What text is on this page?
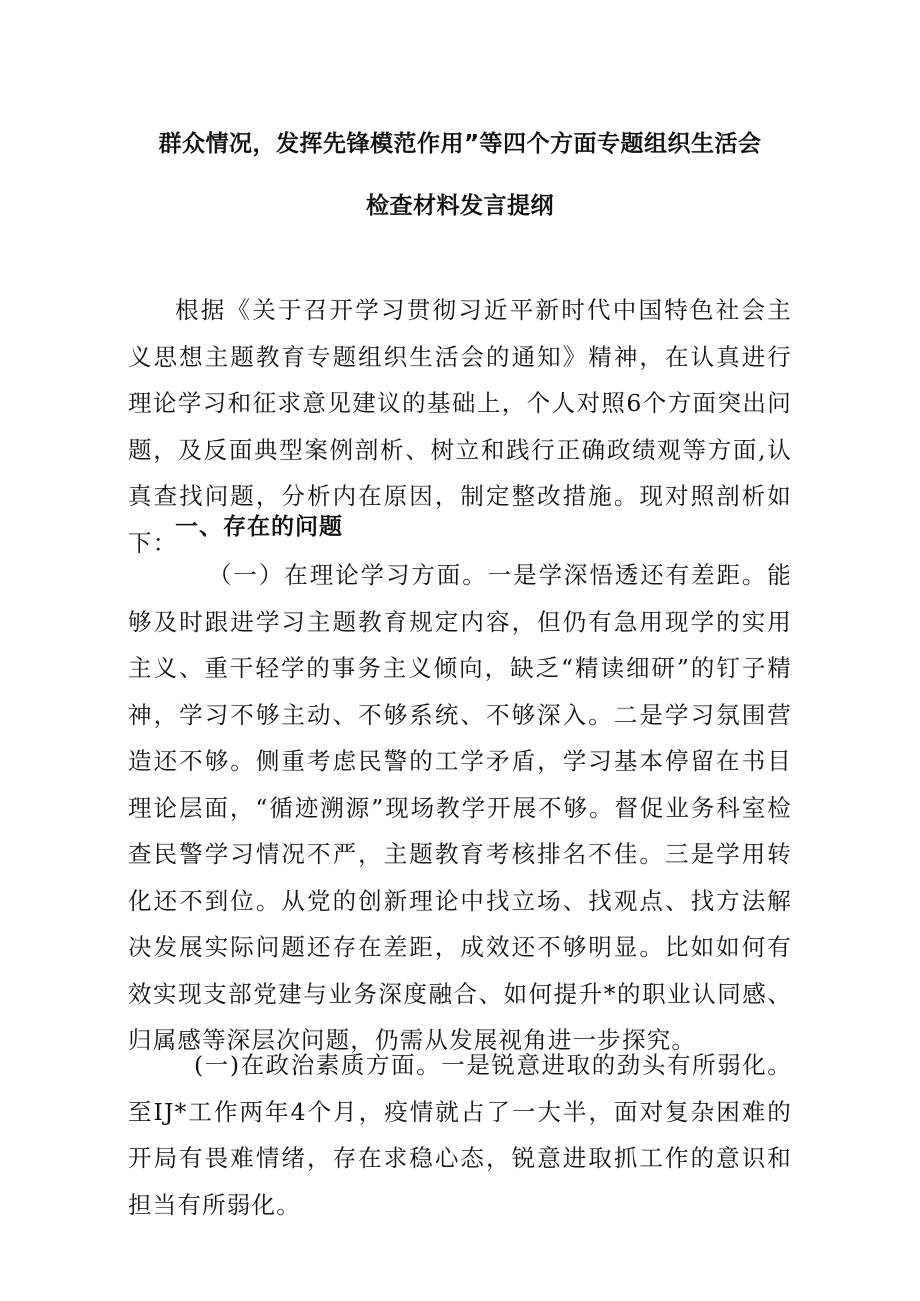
群众情况，发挥先锋模范作用”等四个方面专题组织生活会
检查材料发言提纲

根据《关于召开学习贯彻习近平新时代中国特色社会主义思想主题教育专题组织生活会的通知》精神，在认真进行理论学习和征求意见建议的基础上，个人对照6个方面突出问题，及反面典型案例剖析、树立和践行正确政绩观等方面,认真查找问题，分析内在原因，制定整改措施。现对照剖析如下：

一、存在的问题

（一）在理论学习方面。一是学深悟透还有差距。能够及时跟进学习主题教育规定内容，但仍有急用现学的实用主义、重干轻学的事务主义倾向，缺乏“精读细研”的钉子精神，学习不够主动、不够系统、不够深入。二是学习氛围营造还不够。侧重考虑民警的工学矛盾，学习基本停留在书目理论层面，“循迹溯源”现场教学开展不够。督促业务科室检查民警学习情况不严，主题教育考核排名不佳。三是学用转化还不到位。从党的创新理论中找立场、找观点、找方法解决发展实际问题还存在差距，成效还不够明显。比如如何有效实现支部党建与业务深度融合、如何提升*的职业认同感、归属感等深层次问题，仍需从发展视角进一步探究。

(一)在政治素质方面。一是锐意进取的劲头有所弱化。至IJ*工作两年4个月，疫情就占了一大半，面对复杂困难的开局有畏难情绪，存在求稳心态，锐意进取抓工作的意识和担当有所弱化。
